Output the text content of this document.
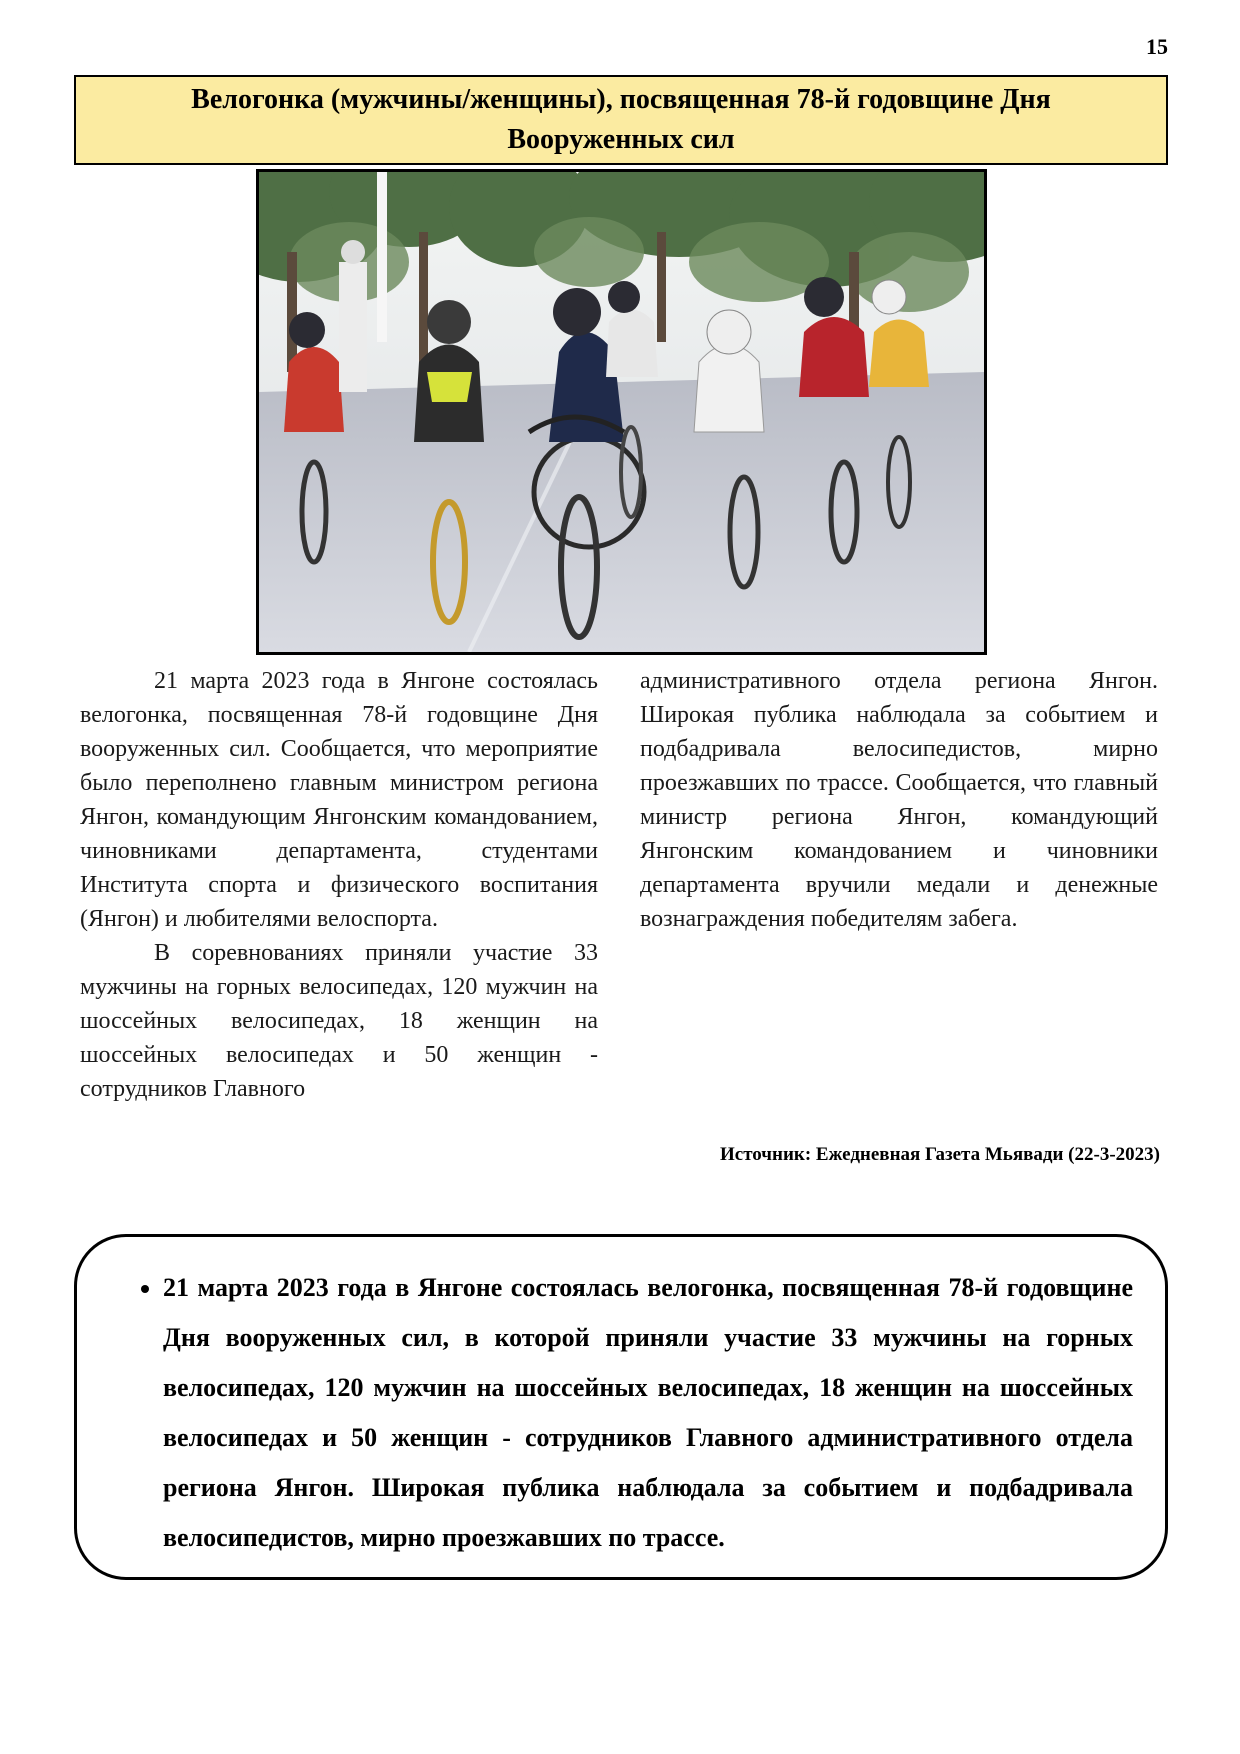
15
Велогонка (мужчины/женщины), посвященная 78-й годовщине Дня Вооруженных сил

21 марта 2023 года в Янгоне состоялась велогонка, посвященная 78-й годовщине Дня вооруженных сил. Сообщается, что мероприятие было переполнено главным министром региона Янгон, командующим Янгонским командованием, чиновниками департамента, студентами Института спорта и физического воспитания (Янгон) и любителями велоспорта.

В соревнованиях приняли участие 33 мужчины на горных велосипедах, 120 мужчин на шоссейных велосипедах, 18 женщин на шоссейных велосипедах и 50 женщин - сотрудников Главного

административного отдела региона Янгон. Широкая публика наблюдала за событием и подбадривала велосипедистов, мирно проезжавших по трассе. Сообщается, что главный министр региона Янгон, командующий Янгонским командованием и чиновники департамента вручили медали и денежные вознаграждения победителям забега.

Источник: Ежедневная Газета Мьявади (22-3-2023)
• 21 марта 2023 года в Янгоне состоялась велогонка, посвященная 78-й годовщине Дня вооруженных сил, в которой приняли участие 33 мужчины на горных велосипедах, 120 мужчин на шоссейных велосипедах, 18 женщин на шоссейных велосипедах и 50 женщин - сотрудников Главного административного отдела региона Янгон. Широкая публика наблюдала за событием и подбадривала велосипедистов, мирно проезжавших по трассе.
